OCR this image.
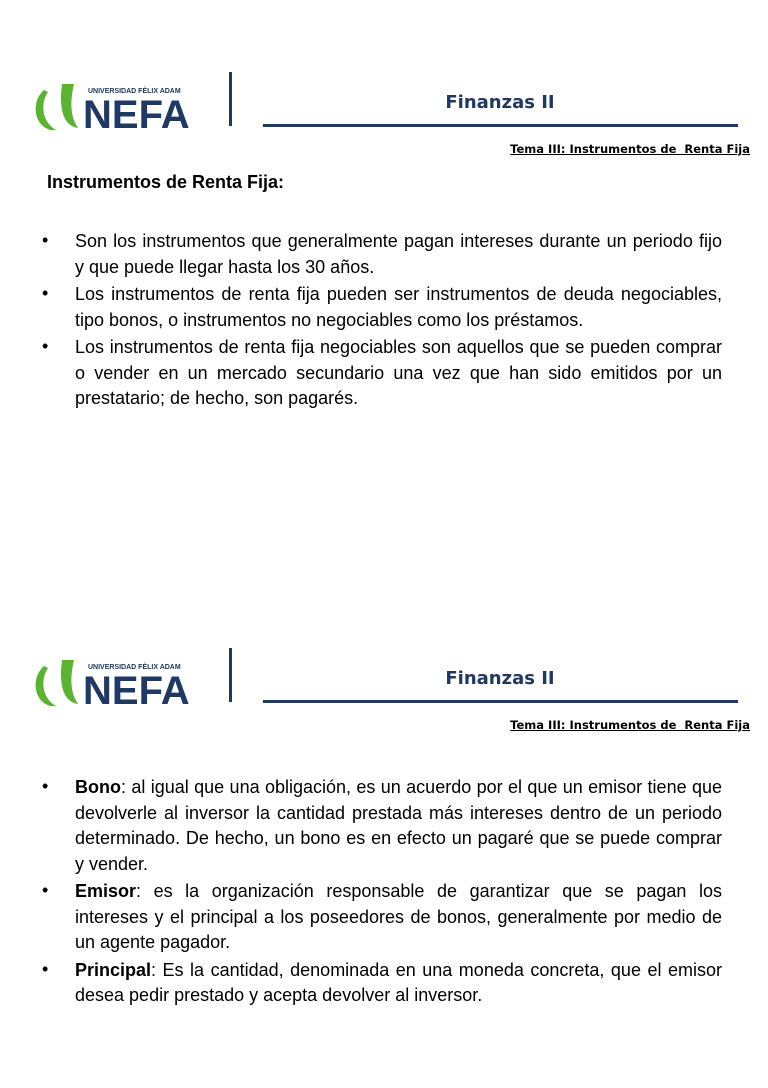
UNIVERSIDAD FÉLIX ADAM
NEFA	Finanzas II
Tema III: Instrumentos de  Renta Fija
Instrumentos de Renta Fija:
• Son los instrumentos que generalmente pagan intereses durante un periodo fijo y que puede llegar hasta los 30 años.
• Los instrumentos de renta fija pueden ser instrumentos de deuda negociables, tipo bonos, o instrumentos no negociables como los préstamos.
• Los instrumentos de renta fija negociables son aquellos que se pueden comprar o vender en un mercado secundario una vez que han sido emitidos por un prestatario; de hecho, son pagarés.
UNIVERSIDAD FÉLIX ADAM
NEFA	Finanzas II
Tema III: Instrumentos de  Renta Fija
• Bono: al igual que una obligación, es un acuerdo por el que un emisor tiene que devolverle al inversor la cantidad prestada más intereses dentro de un periodo determinado. De hecho, un bono es en efecto un pagaré que se puede comprar y vender.
• Emisor: es la organización responsable de garantizar que se pagan los intereses y el principal a los poseedores de bonos, generalmente por medio de un agente pagador.
• Principal: Es la cantidad, denominada en una moneda concreta, que el emisor desea pedir prestado y acepta devolver al inversor.
